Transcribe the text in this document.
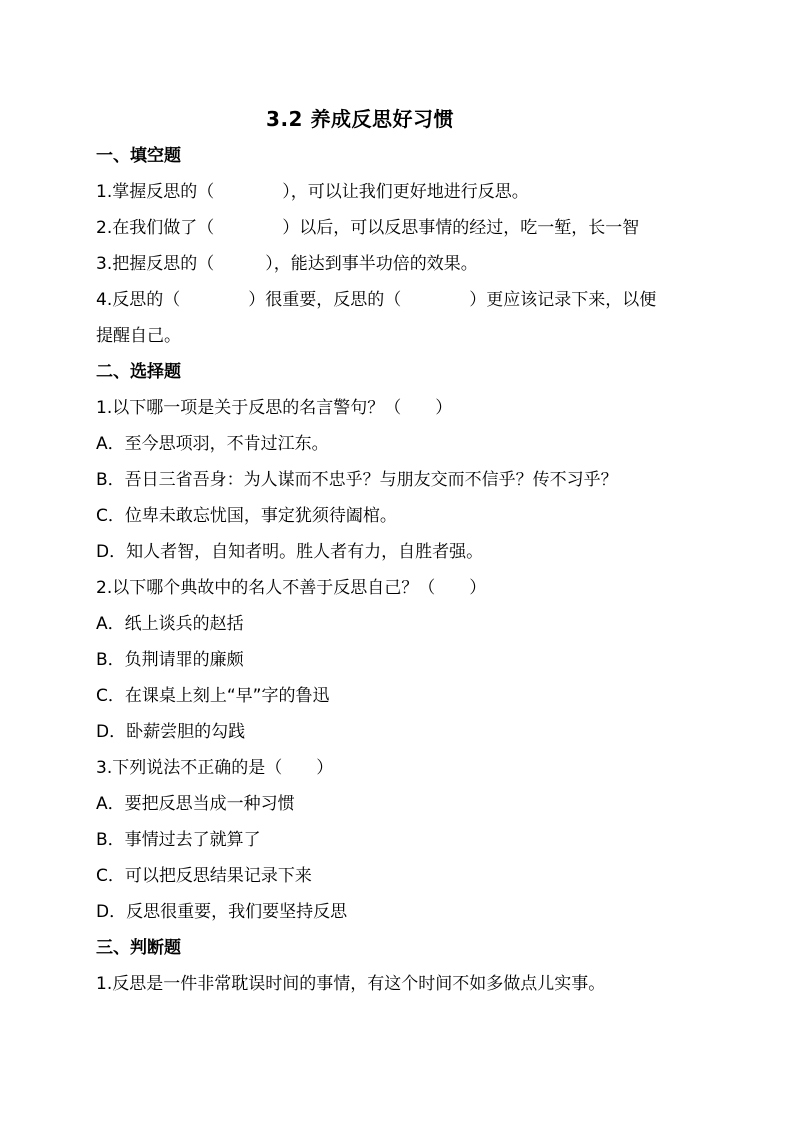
3.2 养成反思好习惯
一、填空题
1.掌握反思的（　　　　），可以让我们更好地进行反思。
2.在我们做了（　　　　）以后，可以反思事情的经过，吃一堑，长一智
3.把握反思的（　　　），能达到事半功倍的效果。
4.反思的（　　　　）很重要，反思的（　　　　）更应该记录下来，以便
提醒自己。
二、选择题
1.以下哪一项是关于反思的名言警句？（　　）
A．至今思项羽，不肯过江东。
B．吾日三省吾身：为人谋而不忠乎？与朋友交而不信乎？传不习乎？
C．位卑未敢忘忧国，事定犹须待阖棺。
D．知人者智，自知者明。胜人者有力，自胜者强。
2.以下哪个典故中的名人不善于反思自己？（　　）
A．纸上谈兵的赵括
B．负荆请罪的廉颇
C．在课桌上刻上“早”字的鲁迅
D．卧薪尝胆的勾践
3.下列说法不正确的是（　　）
A．要把反思当成一种习惯
B．事情过去了就算了
C．可以把反思结果记录下来
D．反思很重要，我们要坚持反思
三、判断题
1.反思是一件非常耽误时间的事情，有这个时间不如多做点儿实事。
